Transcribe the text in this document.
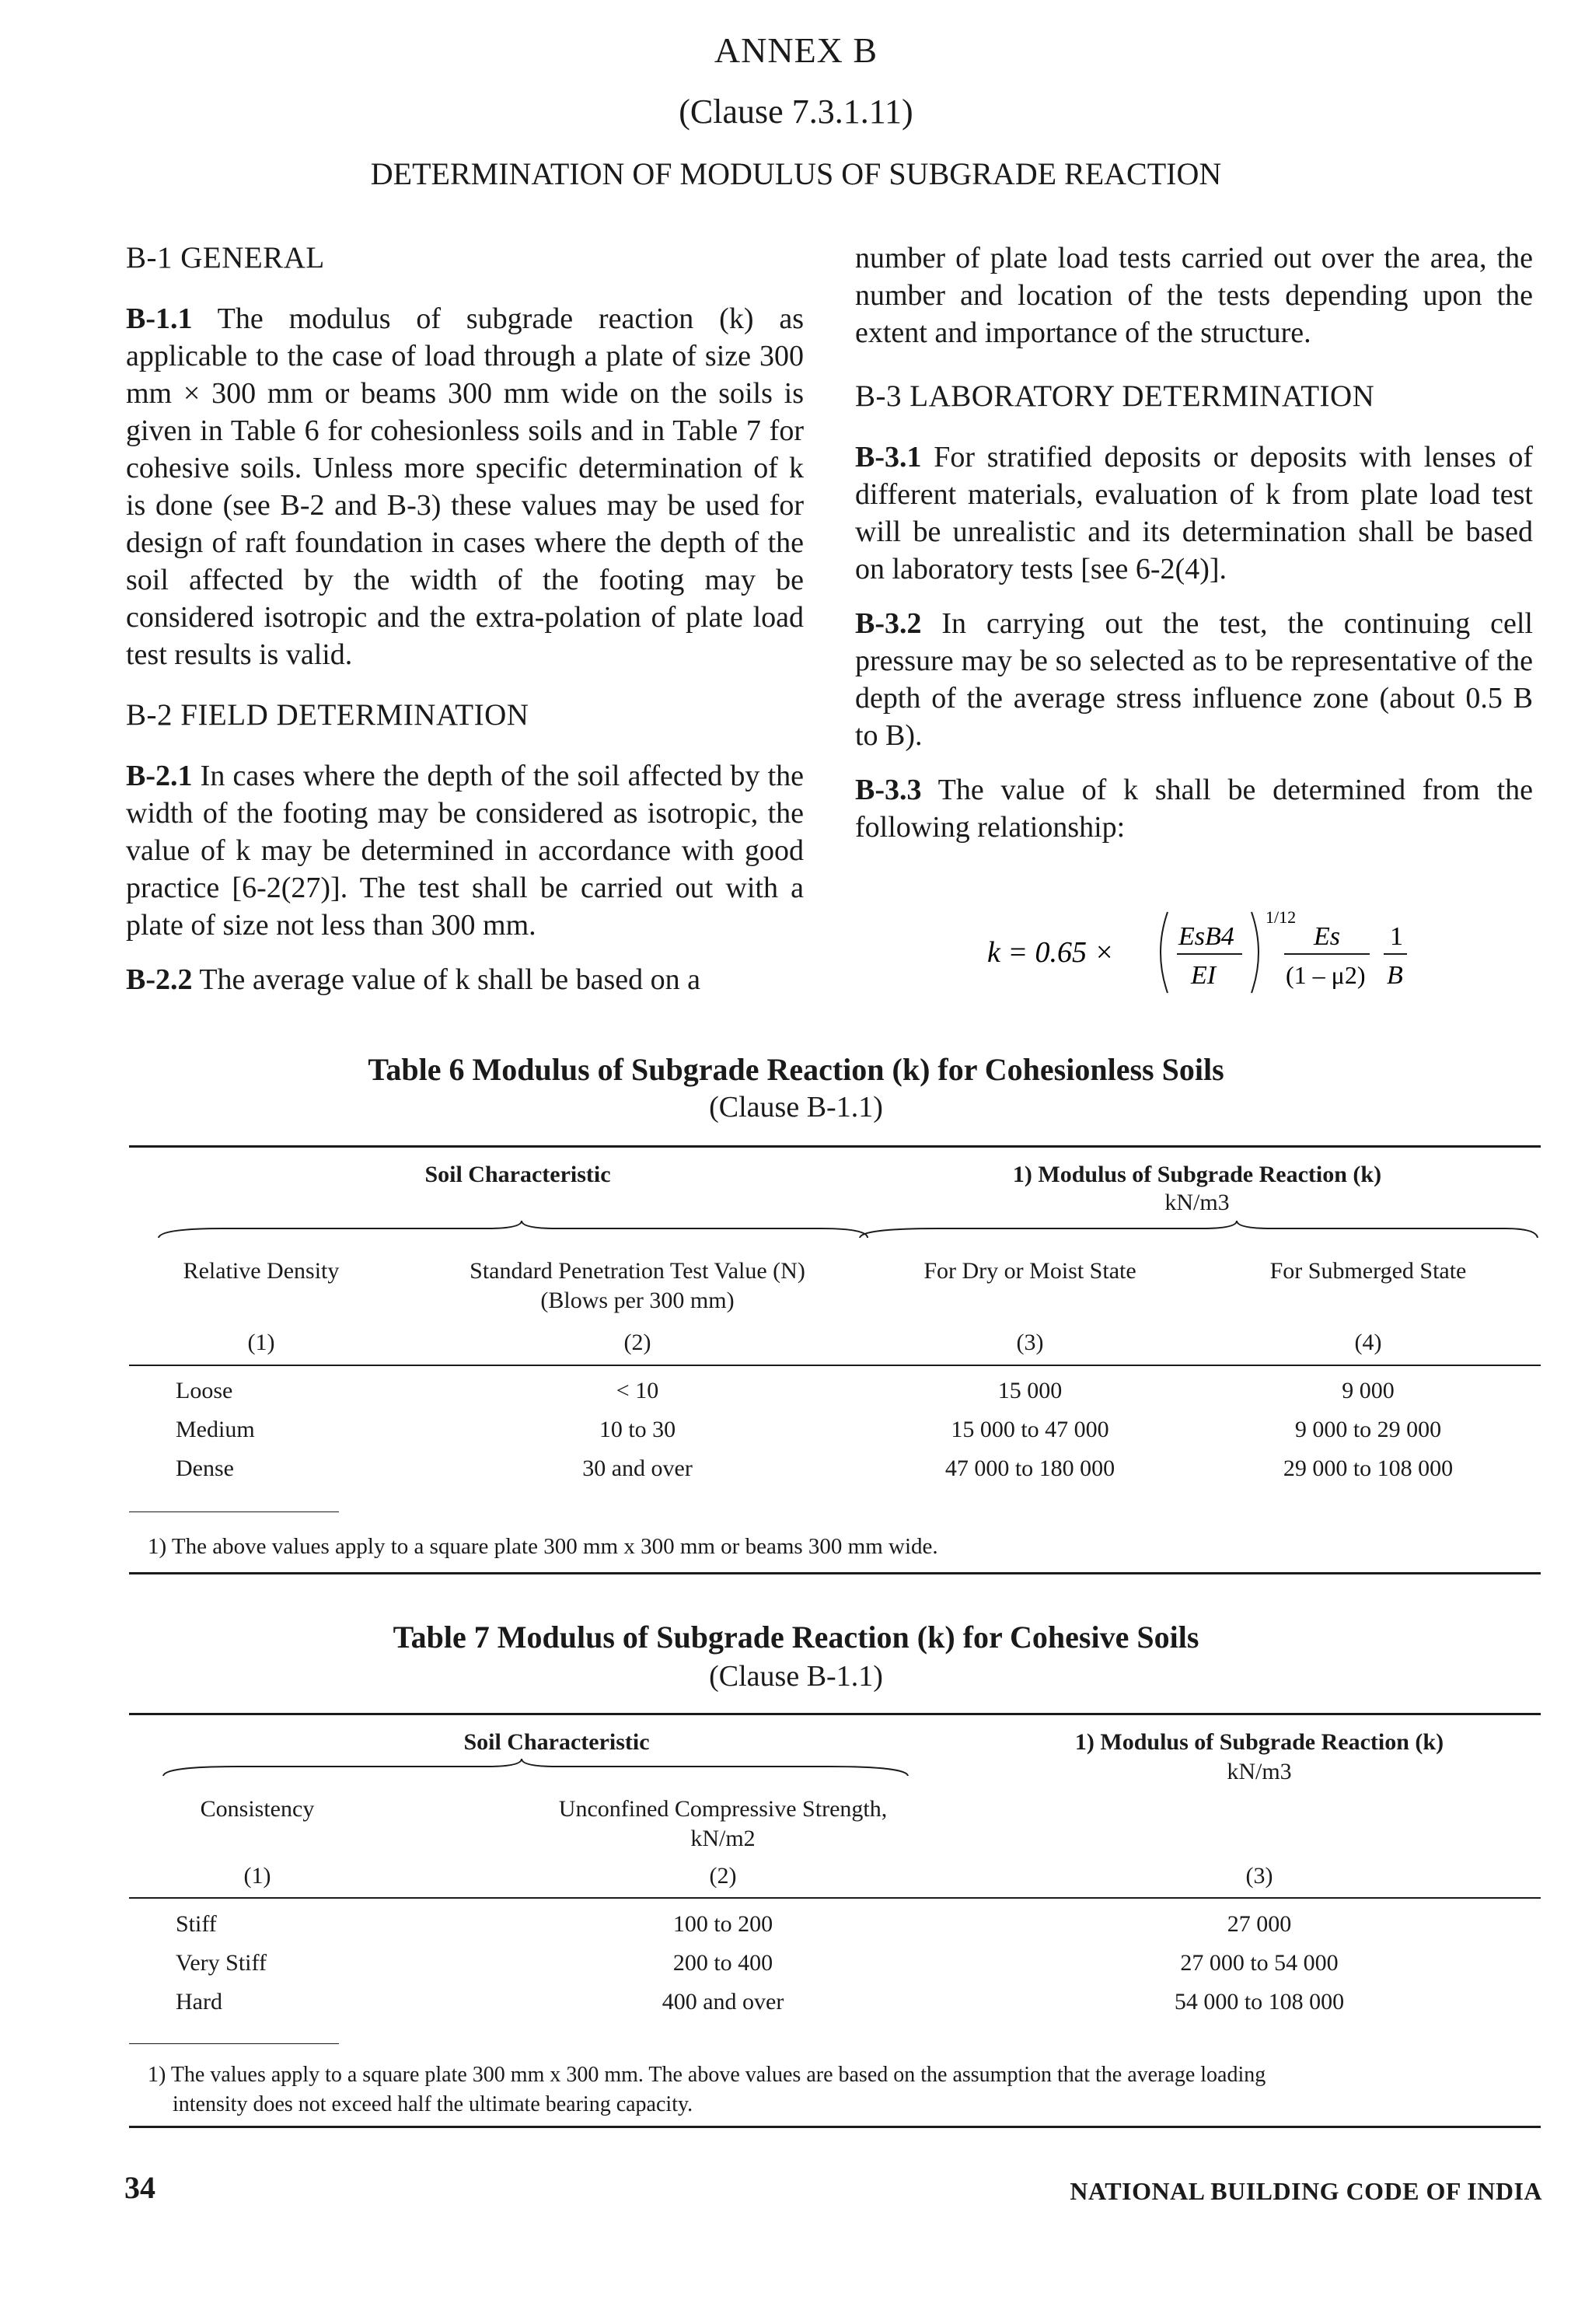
ANNEX B
(Clause 7.3.1.11)
DETERMINATION OF MODULUS OF SUBGRADE REACTION
B-1 GENERAL

B-1.1 The modulus of subgrade reaction (k) as applicable to the case of load through a plate of size 300 mm × 300 mm or beams 300 mm wide on the soils is given in Table 6 for cohesionless soils and in Table 7 for cohesive soils. Unless more specific determination of k is done (see B-2 and B-3) these values may be used for design of raft foundation in cases where the depth of the soil affected by the width of the footing may be considered isotropic and the extra-polation of plate load test results is valid.

B-2 FIELD DETERMINATION

B-2.1 In cases where the depth of the soil affected by the width of the footing may be considered as isotropic, the value of k may be determined in accordance with good practice [6-2(27)]. The test shall be carried out with a plate of size not less than 300 mm.

B-2.2 The average value of k shall be based on a

number of plate load tests carried out over the area, the number and location of the tests depending upon the extent and importance of the structure.

B-3 LABORATORY DETERMINATION

B-3.1 For stratified deposits or deposits with lenses of different materials, evaluation of k from plate load test will be unrealistic and its determination shall be based on laboratory tests [see 6-2(4)].

B-3.2 In carrying out the test, the continuing cell pressure may be so selected as to be representative of the depth of the average stress influence zone (about 0.5 B to B).

B-3.3 The value of k shall be determined from the following relationship:

k = 0.65 × EsB4
EI
1/12
Es
(1 – μ2)
1
B
Table 6 Modulus of Subgrade Reaction (k) for Cohesionless Soils
(Clause B-1.1)
Soil Characteristic	1) Modulus of Subgrade Reaction (k)
kN/m3
Relative Density	Standard Penetration Test Value (N)
(Blows per 300 mm)
For Dry or Moist State	For Submerged State
(1)	(2)	(3)	(4)
Loose	< 10	15 000	9 000
Medium	10 to 30	15 000 to 47 000	9 000 to 29 000
Dense	30 and over	47 000 to 180 000	29 000 to 108 000
1) The above values apply to a square plate 300 mm x 300 mm or beams 300 mm wide.
Table 7 Modulus of Subgrade Reaction (k) for Cohesive Soils
(Clause B-1.1)
Soil Characteristic	1) Modulus of Subgrade Reaction (k)
kN/m3
Consistency	Unconfined Compressive Strength,
kN/m2
(1)	(2)	(3)
Stiff	100 to 200	27 000
Very Stiff	200 to 400	27 000 to 54 000
Hard	400 and over	54 000 to 108 000
1) The values apply to a square plate 300 mm x 300 mm. The above values are based on the assumption that the average loading
intensity does not exceed half the ultimate bearing capacity.
34	NATIONAL BUILDING CODE OF INDIA
